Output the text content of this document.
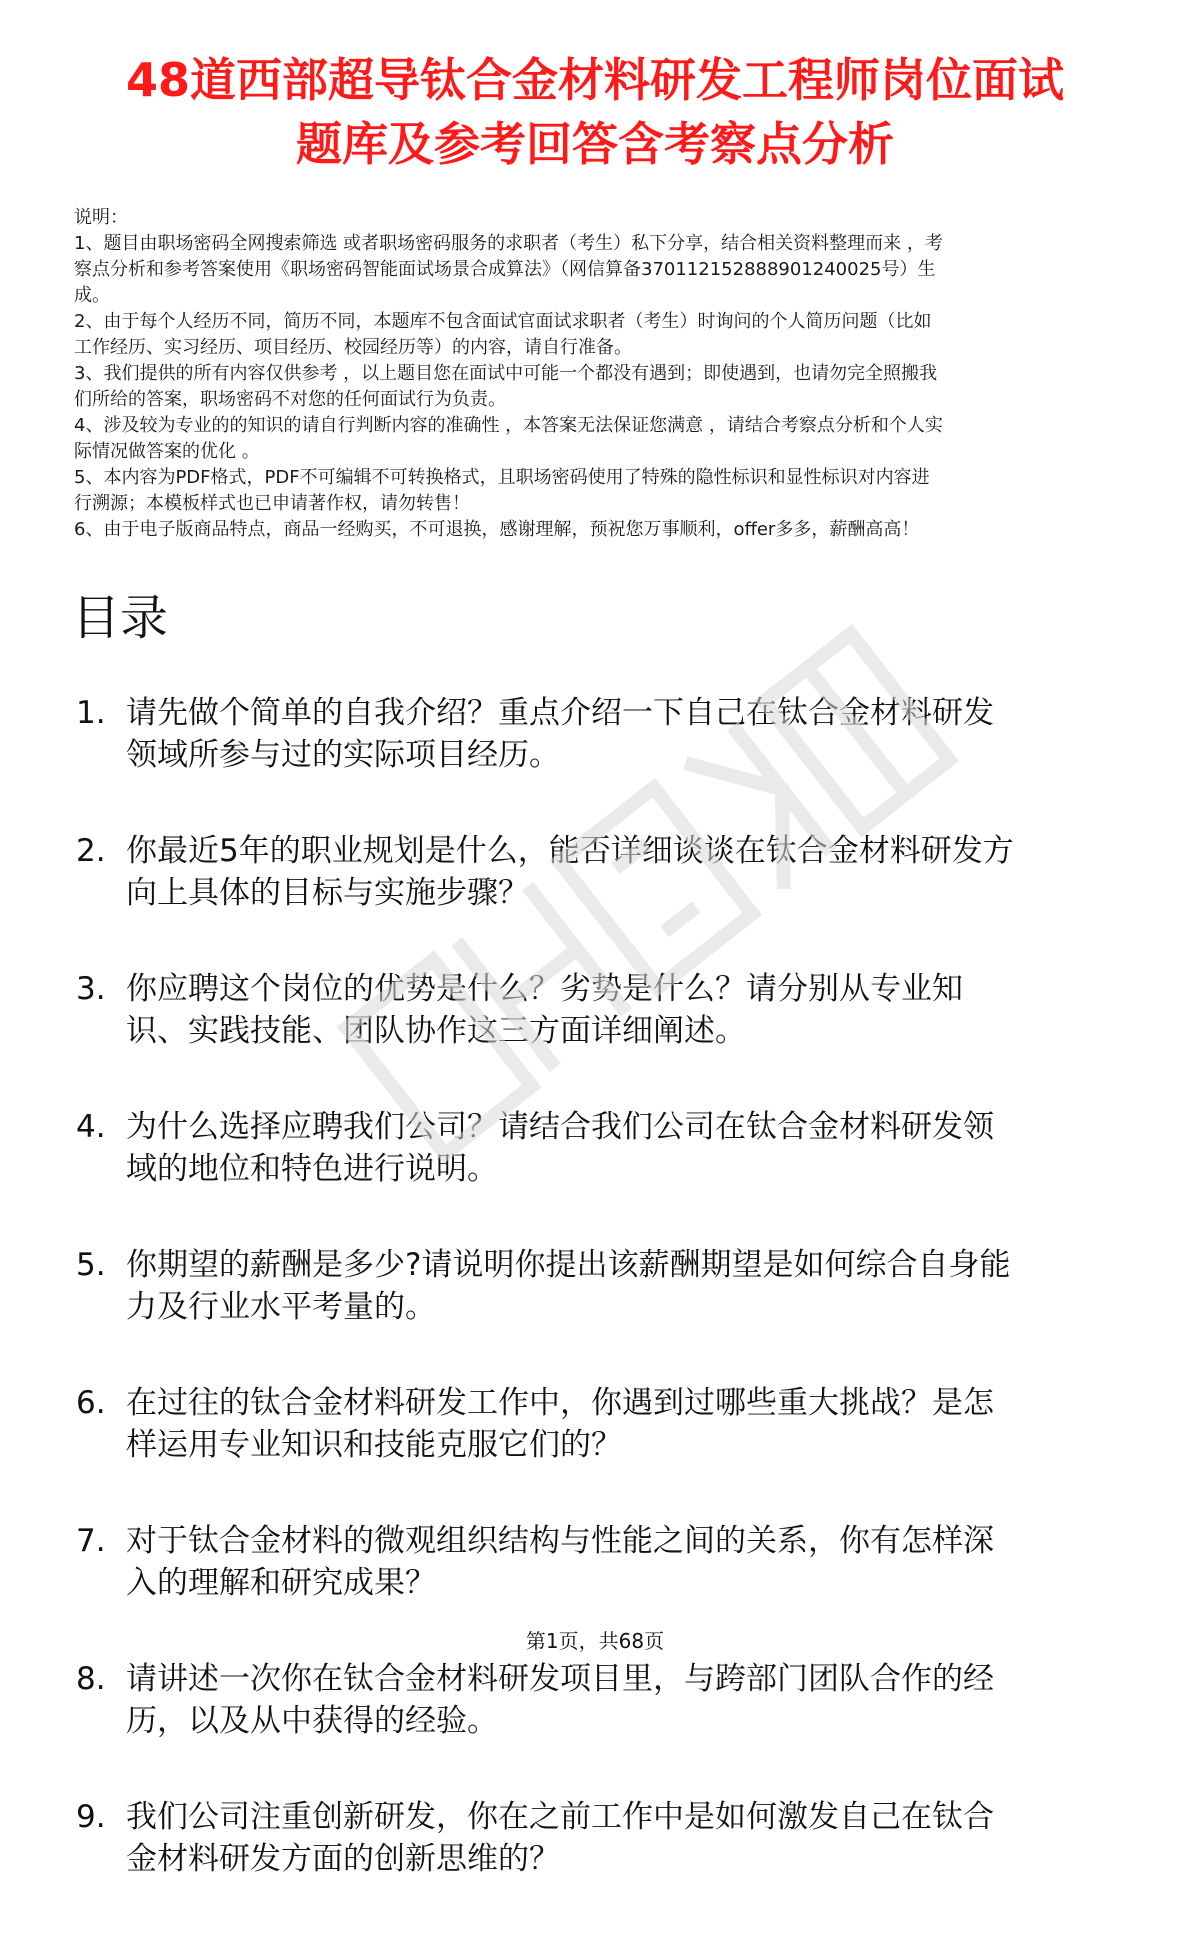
48道西部超导钛合金材料研发工程师岗位面试
题库及参考回答含考察点分析

说明：

1、题目由职场密码全网搜索筛选 或者职场密码服务的求职者（考生）私下分享，结合相关资料整理而来 ，考
察点分析和参考答案使用《职场密码智能面试场景合成算法》（网信算备370112152888901240025号）生
成。

2、由于每个人经历不同，简历不同，本题库不包含面试官面试求职者（考生）时询问的个人简历问题（比如
工作经历、实习经历、项目经历、校园经历等）的内容，请自行准备。

3、我们提供的所有内容仅供参考 ，以上题目您在面试中可能一个都没有遇到；即使遇到，也请勿完全照搬我
们所给的答案，职场密码不对您的任何面试行为负责。

4、涉及较为专业的的知识的请自行判断内容的准确性 ，本答案无法保证您满意 ，请结合考察点分析和个人实
际情况做答案的优化 。

5、本内容为PDF格式，PDF不可编辑不可转换格式，且职场密码使用了特殊的隐性标识和显性标识对内容进
行溯源；本模板样式也已申请著作权，请勿转售！

6、由于电子版商品特点，商品一经购买，不可退换，感谢理解，预祝您万事顺利，offer多多，薪酬高高！

目录
1. 请先做个简单的自我介绍？重点介绍一下自己在钛合金材料研发
领域所参与过的实际项目经历。
2. 你最近5年的职业规划是什么，能否详细谈谈在钛合金材料研发方
向上具体的目标与实施步骤？
3. 你应聘这个岗位的优势是什么？劣势是什么？请分别从专业知
识、实践技能、团队协作这三方面详细阐述。
4. 为什么选择应聘我们公司？请结合我们公司在钛合金材料研发领
域的地位和特色进行说明。
5. 你期望的薪酬是多少?请说明你提出该薪酬期望是如何综合自身能
力及行业水平考量的。
6. 在过往的钛合金材料研发工作中，你遇到过哪些重大挑战？是怎
样运用专业知识和技能克服它们的？
7. 对于钛合金材料的微观组织结构与性能之间的关系，你有怎样深
入的理解和研究成果？
8. 请讲述一次你在钛合金材料研发项目里，与跨部门团队合作的经
历，以及从中获得的经验。
9. 我们公司注重创新研发，你在之前工作中是如何激发自己在钛合
金材料研发方面的创新思维的？
第1页，共68页
